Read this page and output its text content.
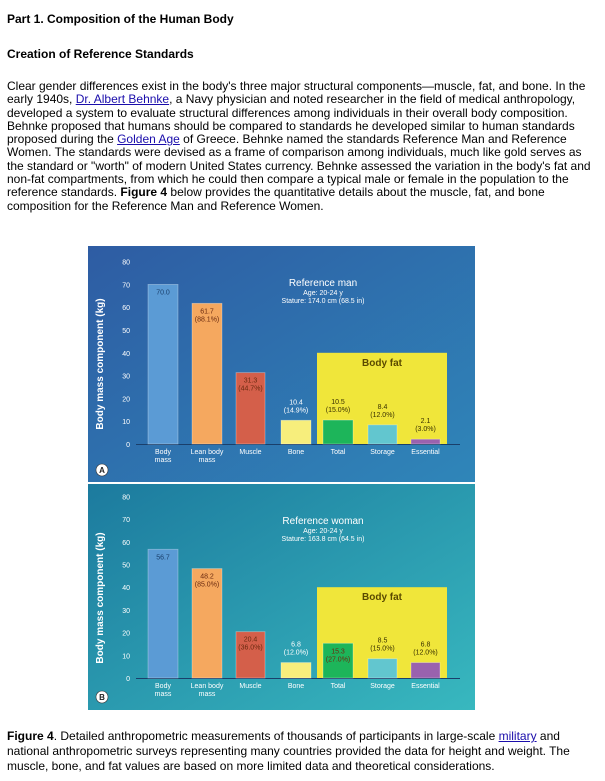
Part 1. Composition of the Human Body
Creation of Reference Standards
Clear gender differences exist in the body's three major structural components—muscle, fat, and bone. In the early 1940s, Dr. Albert Behnke, a Navy physician and noted researcher in the field of medical anthropology, developed a system to evaluate structural differences among individuals in their overall body composition. Behnke proposed that humans should be compared to standards he developed similar to human standards proposed during the Golden Age of Greece. Behnke named the standards Reference Man and Reference Women. The standards were devised as a frame of comparison among individuals, much like gold serves as the standard or "worth" of modern United States currency. Behnke assessed the variation in the body's fat and non-fat compartments, from which he could then compare a typical male or female in the population to the reference standards. Figure 4 below provides the quantitative details about the muscle, fat, and bone composition for the Reference Man and Reference Women.
Body mass component (kg)
0
10
20
30
40
50
60
70
80
Body fat
70.0
61.7
(88.1%)
31.3
(44.7%)
10.4
(14.9%)
10.5
(15.0%)	8.4
(12.0%)
2.1
(3.0%)
Body
mass
Lean body
mass
Muscle	Bone	Total	Storage Essential
Reference man
Age: 20-24 y
Stature: 174.0 cm (68.5 in)
A
Body mass component (kg)
0
10
20
30
40
50
60
70
80
Body fat
56.7
48.2
(85.0%)
20.4
(36.0%)	6.8
(12.0%)	15.3
(27.0%)
8.5
(15.0%)
6.8
(12.0%)
Body
mass
Lean body
mass
Muscle	Bone	Total	Storage Essential
Reference woman
Age: 20-24 y
Stature: 163.8 cm (64.5 in)
B
Figure 4. Detailed anthropometric measurements of thousands of participants in large-scale military and national anthropometric surveys representing many countries provided the data for height and weight. The muscle, bone, and fat values are based on more limited data and theoretical considerations.
